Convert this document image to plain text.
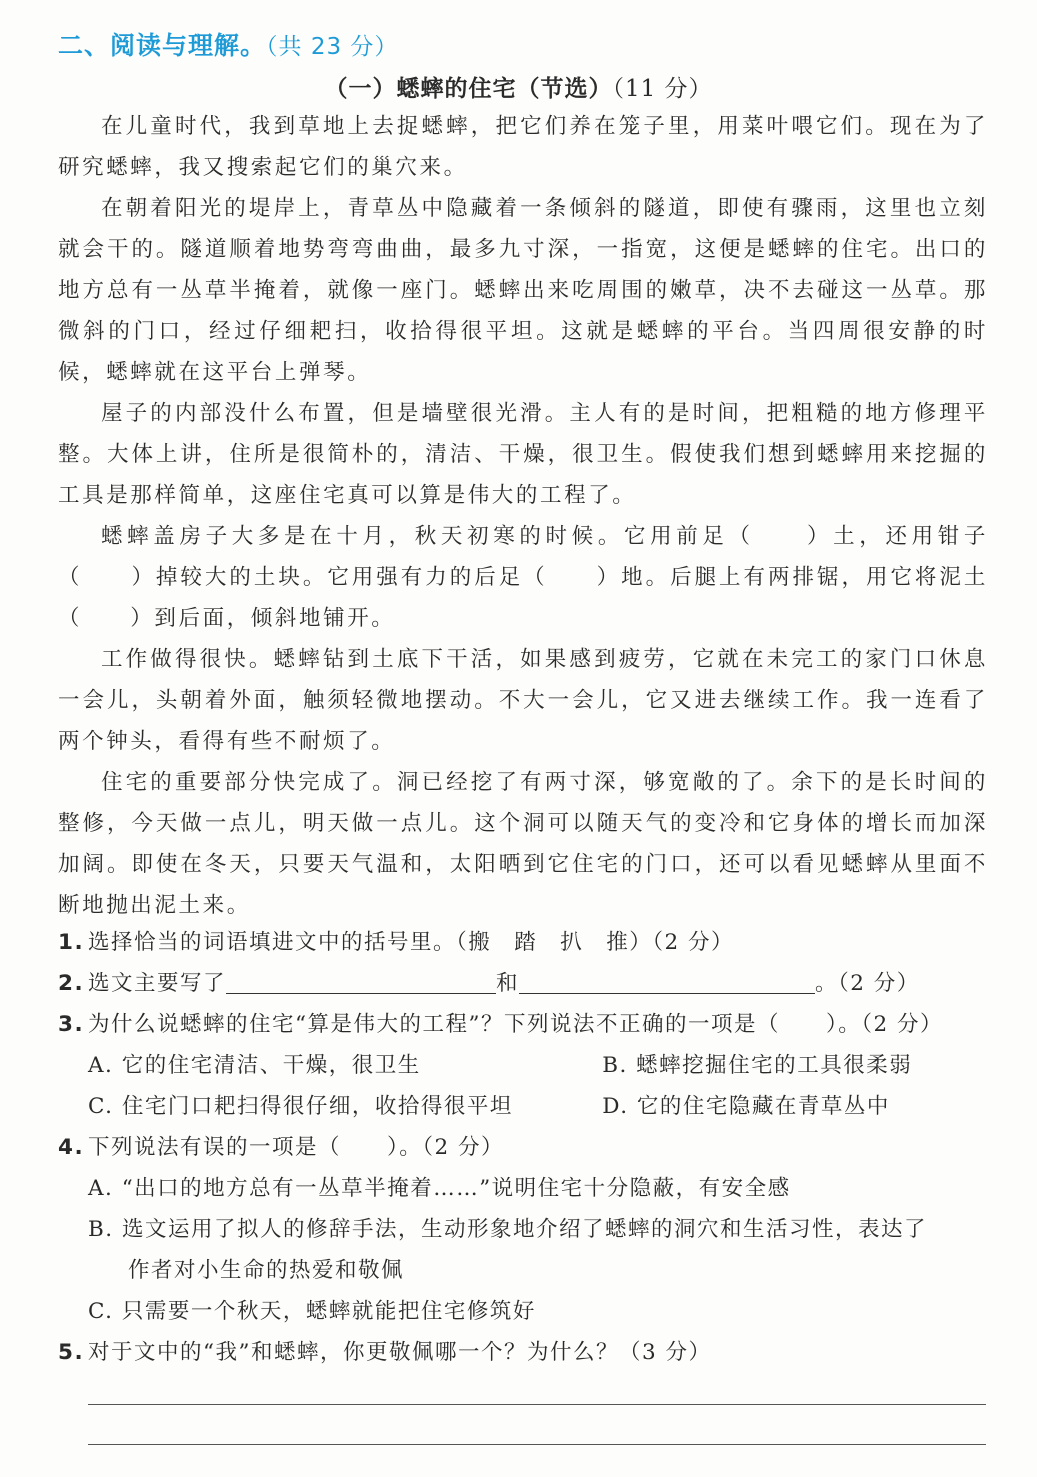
二、阅读与理解。（共 23 分）
（一）蟋蟀的住宅（节选）（11 分）

在儿童时代，我到草地上去捉蟋蟀，把它们养在笼子里，用菜叶喂它们。现在为了研究蟋蟀，我又搜索起它们的巢穴来。

在朝着阳光的堤岸上，青草丛中隐藏着一条倾斜的隧道，即使有骤雨，这里也立刻就会干的。隧道顺着地势弯弯曲曲，最多九寸深，一指宽，这便是蟋蟀的住宅。出口的地方总有一丛草半掩着，就像一座门。蟋蟀出来吃周围的嫩草，决不去碰这一丛草。那微斜的门口，经过仔细耙扫，收拾得很平坦。这就是蟋蟀的平台。当四周很安静的时候，蟋蟀就在这平台上弹琴。

屋子的内部没什么布置，但是墙壁很光滑。主人有的是时间，把粗糙的地方修理平整。大体上讲，住所是很简朴的，清洁、干燥，很卫生。假使我们想到蟋蟀用来挖掘的工具是那样简单，这座住宅真可以算是伟大的工程了。

蟋蟀盖房子大多是在十月，秋天初寒的时候。它用前足（　　）土，还用钳子（　　）掉较大的土块。它用强有力的后足（　　）地。后腿上有两排锯，用它将泥土（　　）到后面，倾斜地铺开。

工作做得很快。蟋蟀钻到土底下干活，如果感到疲劳，它就在未完工的家门口休息一会儿，头朝着外面，触须轻微地摆动。不大一会儿，它又进去继续工作。我一连看了两个钟头，看得有些不耐烦了。

住宅的重要部分快完成了。洞已经挖了有两寸深，够宽敞的了。余下的是长时间的整修，今天做一点儿，明天做一点儿。这个洞可以随天气的变冷和它身体的增长而加深加阔。即使在冬天，只要天气温和，太阳晒到它住宅的门口，还可以看见蟋蟀从里面不断地抛出泥土来。

1. 选择恰当的词语填进文中的括号里。（搬　踏　扒　推）（2 分）
2. 选文主要写了	和	。（2 分）
3. 为什么说蟋蟀的住宅“算是伟大的工程”？下列说法不正确的一项是（　　）。（2 分）
A. 它的住宅清洁、干燥，很卫生	B. 蟋蟀挖掘住宅的工具很柔弱
C. 住宅门口耙扫得很仔细，收拾得很平坦	D. 它的住宅隐藏在青草丛中
4. 下列说法有误的一项是（　　）。（2 分）
A. “出口的地方总有一丛草半掩着……”说明住宅十分隐蔽，有安全感
B. 选文运用了拟人的修辞手法，生动形象地介绍了蟋蟀的洞穴和生活习性，表达了
作者对小生命的热爱和敬佩
C. 只需要一个秋天，蟋蟀就能把住宅修筑好
5. 对于文中的“我”和蟋蟀，你更敬佩哪一个？为什么？（3 分）
